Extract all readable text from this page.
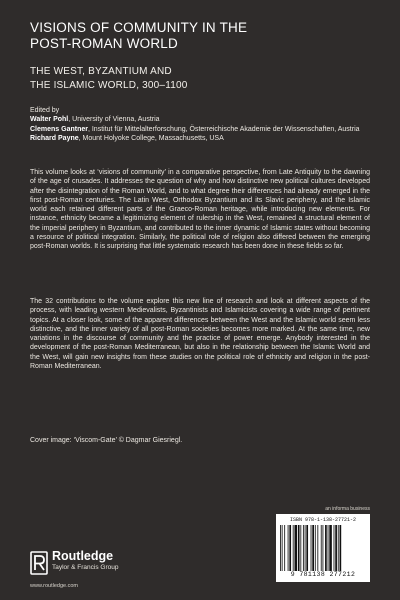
VISIONS OF COMMUNITY IN THE
POST-ROMAN WORLD
THE WEST, BYZANTIUM AND
THE ISLAMIC WORLD, 300–1100
Edited by
Walter Pohl, University of Vienna, Austria
Clemens Gantner, Institut für Mittelalterforschung, Österreichische Akademie der Wissenschaften, Austria
Richard Payne, Mount Holyoke College, Massachusetts, USA
This volume looks at ‘visions of community’ in a comparative perspective, from Late Antiquity to the dawning of the age of crusades. It addresses the question of why and how distinctive new political cultures developed after the disintegration of the Roman World, and to what degree their differences had already emerged in the first post-Roman centuries. The Latin West, Orthodox Byzantium and its Slavic periphery, and the Islamic world each retained different parts of the Graeco-Roman heritage, while introducing new elements. For instance, ethnicity became a legitimizing element of rulership in the West, remained a structural element of the imperial periphery in Byzantium, and contributed to the inner dynamic of Islamic states without becoming a resource of political integration. Similarly, the political role of religion also differed between the emerging post-Roman worlds. It is surprising that little systematic research has been done in these fields so far.
The 32 contributions to the volume explore this new line of research and look at different aspects of the process, with leading western Medievalists, Byzantinists and Islamicists covering a wide range of pertinent topics. At a closer look, some of the apparent differences between the West and the Islamic world seem less distinctive, and the inner variety of all post-Roman societies becomes more marked. At the same time, new variations in the discourse of community and the practice of power emerge. Anybody interested in the development of the post-Roman Mediterranean, but also in the relationship between the Islamic World and the West, will gain new insights from these studies on the political role of ethnicity and religion in the post-Roman Mediterranean.
Cover image: ‘Viscom-Gate’ © Dagmar Giesriegl.
an informa business
ISBN 978-1-138-27721-2
9 781138 277212
Routledge
Taylor & Francis Group
www.routledge.com
